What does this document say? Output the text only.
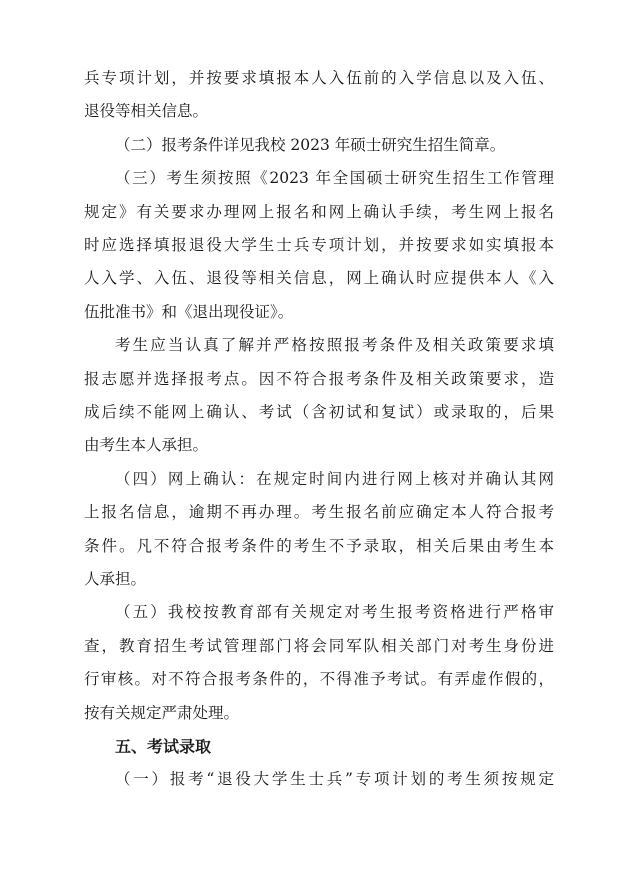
兵专项计划，并按要求填报本人入伍前的入学信息以及入伍、
退役等相关信息。
（二）报考条件详见我校 2023 年硕士研究生招生简章。
（三）考生须按照《2023 年全国硕士研究生招生工作管理
规定》有关要求办理网上报名和网上确认手续，考生网上报名
时应选择填报退役大学生士兵专项计划，并按要求如实填报本
人入学、入伍、退役等相关信息，网上确认时应提供本人《入
伍批准书》和《退出现役证》。
考生应当认真了解并严格按照报考条件及相关政策要求填
报志愿并选择报考点。因不符合报考条件及相关政策要求，造
成后续不能网上确认、考试（含初试和复试）或录取的，后果
由考生本人承担。
（四）网上确认：在规定时间内进行网上核对并确认其网
上报名信息，逾期不再办理。考生报名前应确定本人符合报考
条件。凡不符合报考条件的考生不予录取，相关后果由考生本
人承担。
（五）我校按教育部有关规定对考生报考资格进行严格审
查，教育招生考试管理部门将会同军队相关部门对考生身份进
行审核。对不符合报考条件的，不得准予考试。有弄虚作假的，
按有关规定严肃处理。
五、考试录取
（一）报考“退役大学生士兵”专项计划的考生须按规定
